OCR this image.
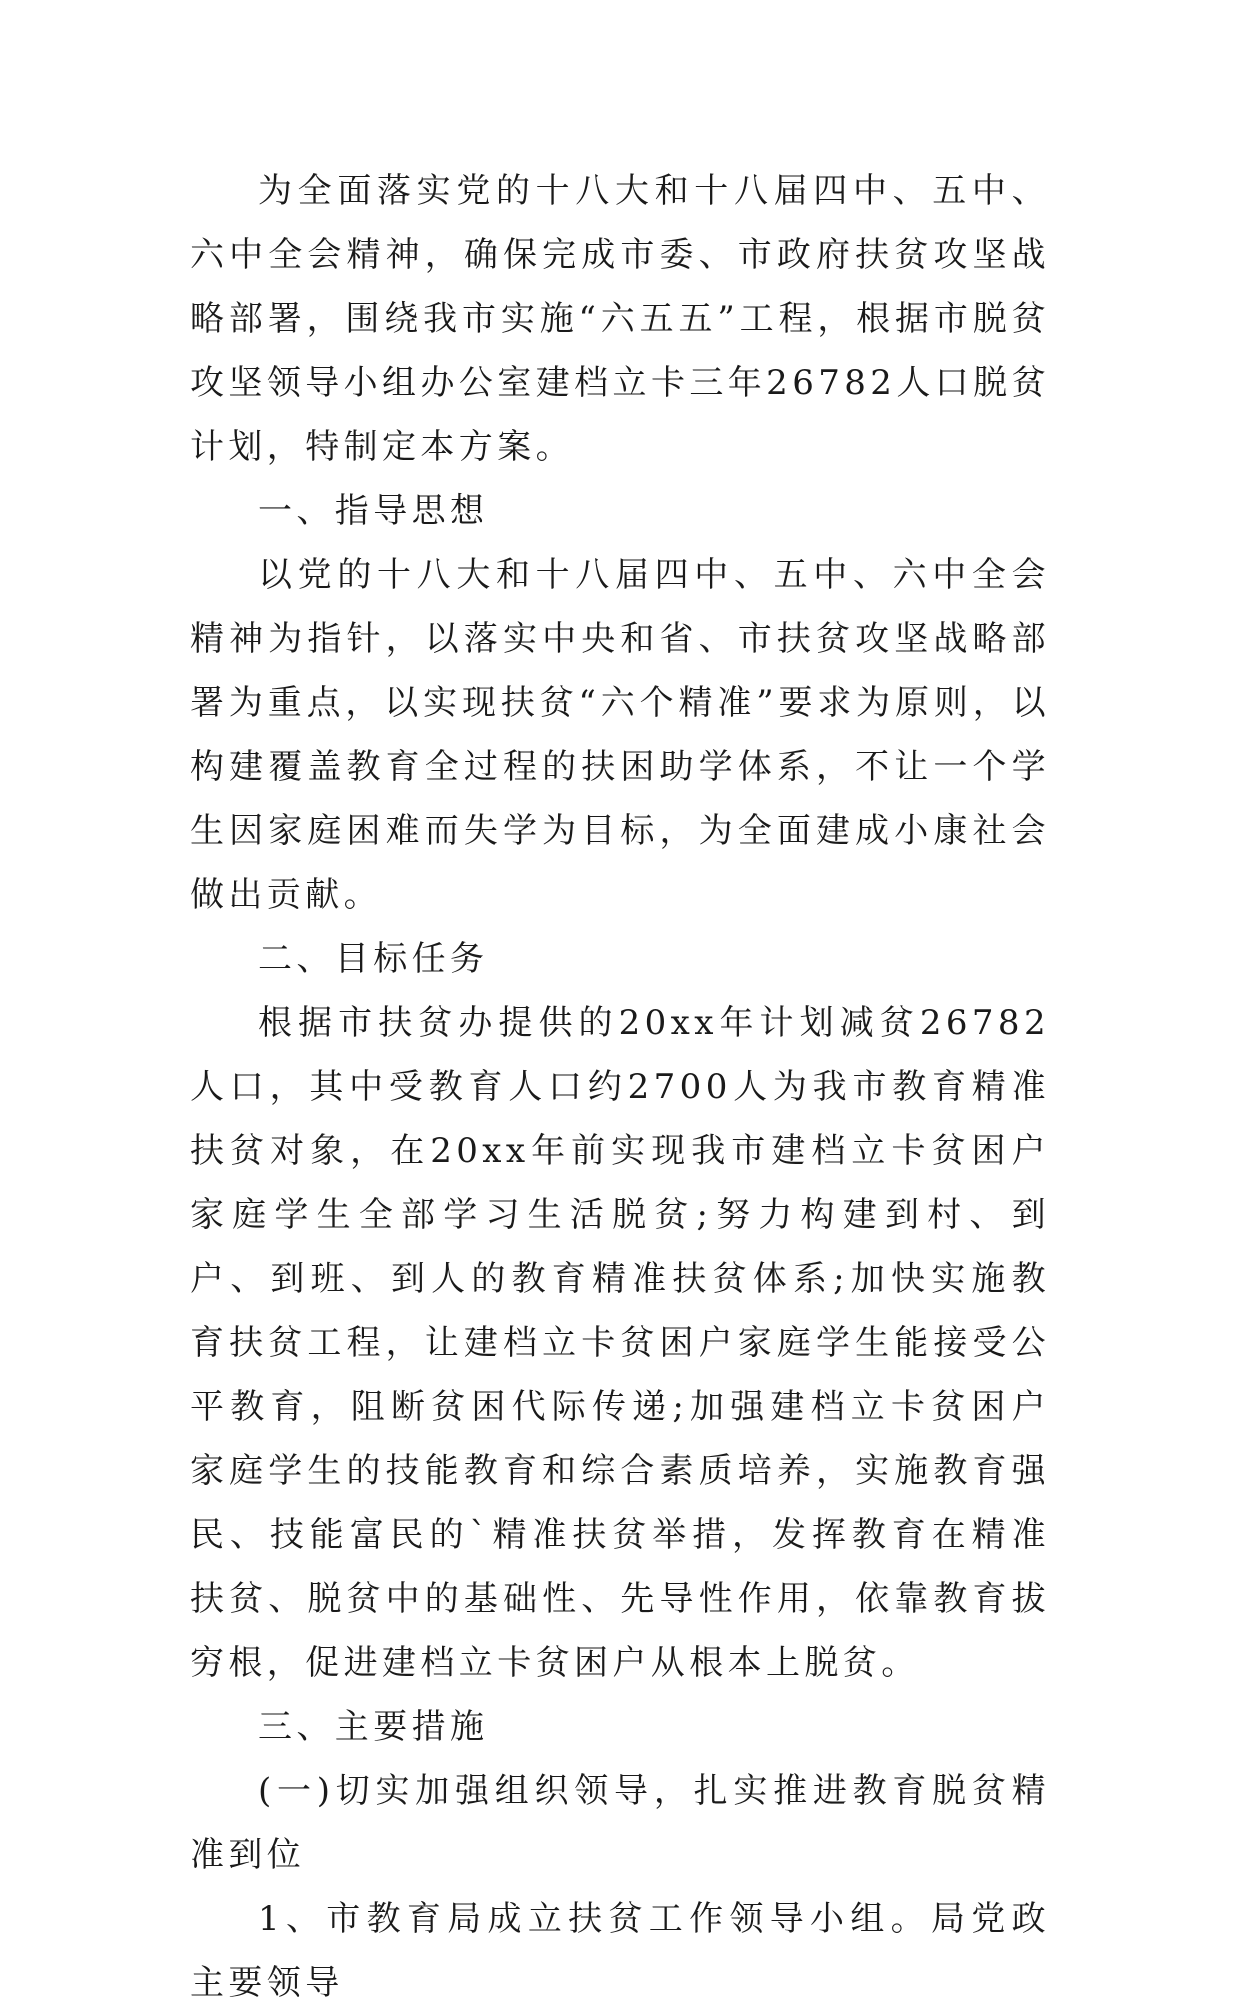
为全面落实党的十八大和十八届四中、五中、六中全会精神，确保完成市委、市政府扶贫攻坚战略部署，围绕我市实施“六五五”工程，根据市脱贫攻坚领导小组办公室建档立卡三年26782人口脱贫计划，特制定本方案。

一、指导思想

以党的十八大和十八届四中、五中、六中全会精神为指针，以落实中央和省、市扶贫攻坚战略部署为重点，以实现扶贫“六个精准”要求为原则，以构建覆盖教育全过程的扶困助学体系，不让一个学生因家庭困难而失学为目标，为全面建成小康社会做出贡献。

二、目标任务

根据市扶贫办提供的20xx年计划减贫26782人口，其中受教育人口约2700人为我市教育精准扶贫对象，在20xx年前实现我市建档立卡贫困户家庭学生全部学习生活脱贫;努力构建到村、到户、到班、到人的教育精准扶贫体系;加快实施教育扶贫工程，让建档立卡贫困户家庭学生能接受公平教育，阻断贫困代际传递;加强建档立卡贫困户家庭学生的技能教育和综合素质培养，实施教育强民、技能富民的`精准扶贫举措，发挥教育在精准扶贫、脱贫中的基础性、先导性作用，依靠教育拔穷根，促进建档立卡贫困户从根本上脱贫。

三、主要措施

(一)切实加强组织领导，扎实推进教育脱贫精准到位

1、市教育局成立扶贫工作领导小组。局党政主要领导
